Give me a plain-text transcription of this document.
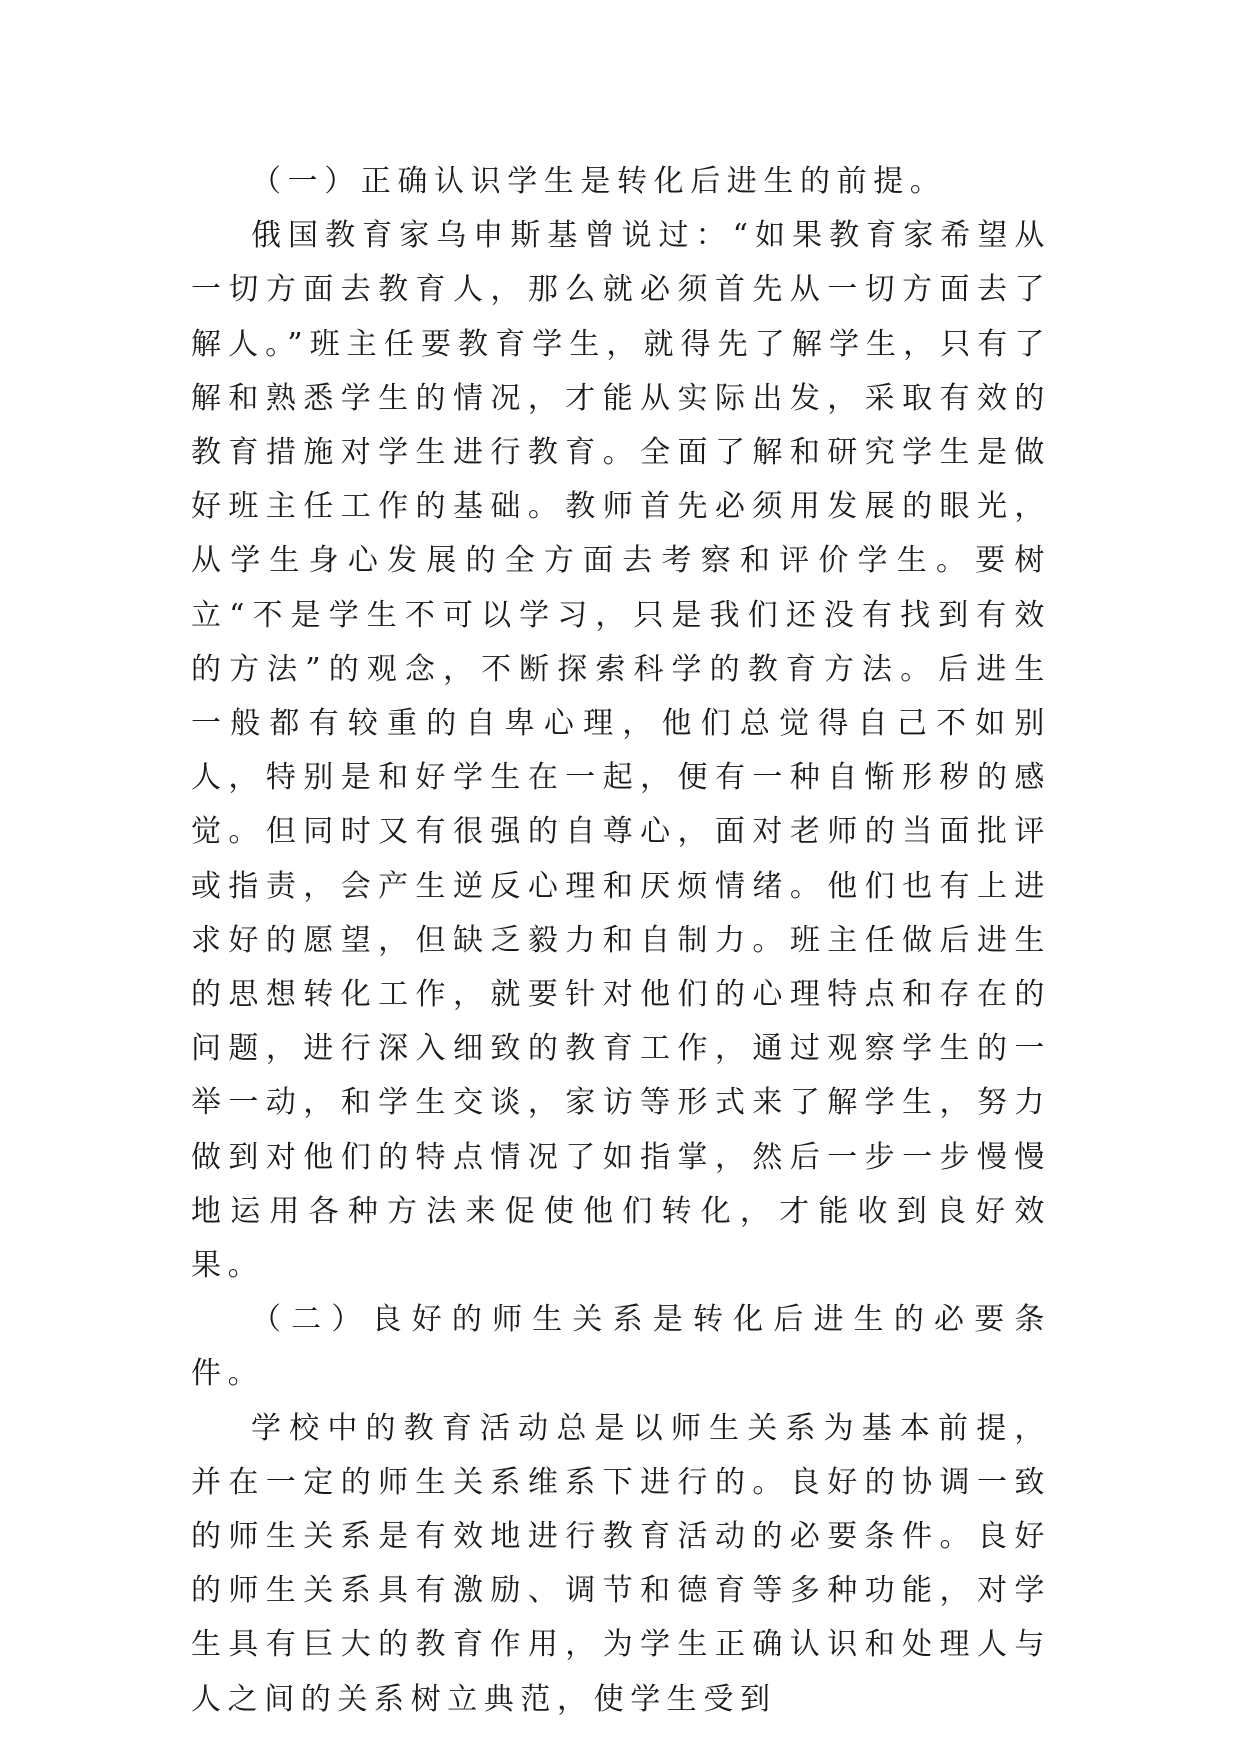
（一）正确认识学生是转化后进生的前提。

俄国教育家乌申斯基曾说过：“如果教育家希望从一切方面去教育人，那么就必须首先从一切方面去了解人。”班主任要教育学生，就得先了解学生，只有了解和熟悉学生的情况，才能从实际出发，采取有效的教育措施对学生进行教育。全面了解和研究学生是做好班主任工作的基础。教师首先必须用发展的眼光，从学生身心发展的全方面去考察和评价学生。要树立“不是学生不可以学习，只是我们还没有找到有效的方法”的观念，不断探索科学的教育方法。后进生一般都有较重的自卑心理，他们总觉得自己不如别人，特别是和好学生在一起，便有一种自惭形秽的感觉。但同时又有很强的自尊心，面对老师的当面批评或指责，会产生逆反心理和厌烦情绪。他们也有上进求好的愿望，但缺乏毅力和自制力。班主任做后进生的思想转化工作，就要针对他们的心理特点和存在的问题，进行深入细致的教育工作，通过观察学生的一举一动，和学生交谈，家访等形式来了解学生，努力做到对他们的特点情况了如指掌，然后一步一步慢慢地运用各种方法来促使他们转化，才能收到良好效果。

（二）良好的师生关系是转化后进生的必要条件。

学校中的教育活动总是以师生关系为基本前提，并在一定的师生关系维系下进行的。良好的协调一致的师生关系是有效地进行教育活动的必要条件。良好的师生关系具有激励、调节和德育等多种功能，对学生具有巨大的教育作用，为学生正确认识和处理人与人之间的关系树立典范，使学生受到
